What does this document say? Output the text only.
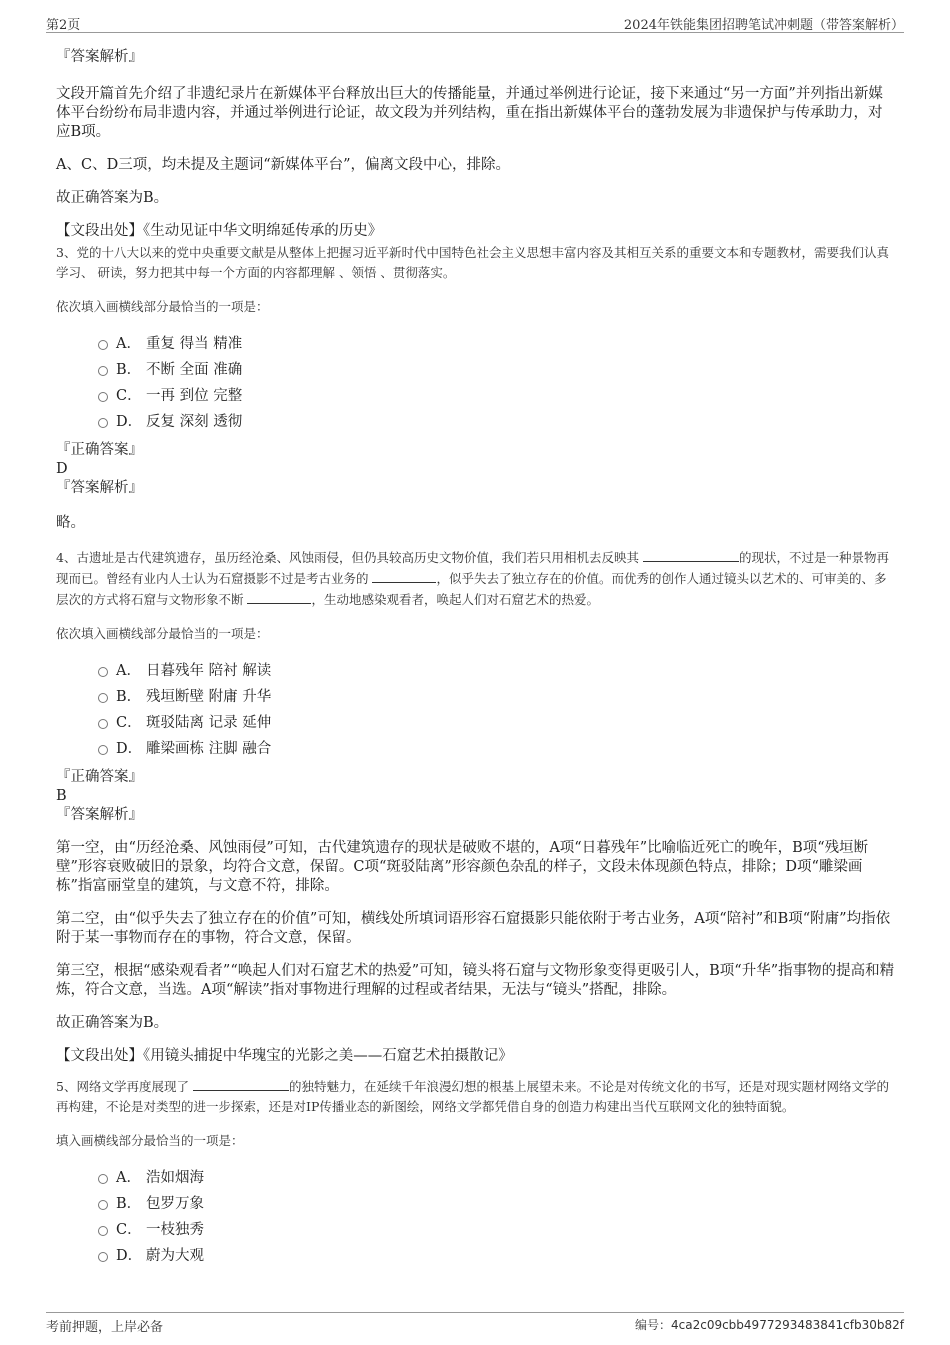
第2页	2024年铁能集团招聘笔试冲刺题（带答案解析）

『答案解析』

文段开篇首先介绍了非遗纪录片在新媒体平台释放出巨大的传播能量，并通过举例进行论证，接下来通过“另一方面”并列指出新媒体平台纷纷布局非遗内容，并通过举例进行论证，故文段为并列结构，重在指出新媒体平台的蓬勃发展为非遗保护与传承助力，对应B项。

A、C、D三项，均未提及主题词“新媒体平台”，偏离文段中心，排除。

故正确答案为B。

【文段出处】《生动见证中华文明绵延传承的历史》

3、党的十八大以来的党中央重要文献是从整体上把握习近平新时代中国特色社会主义思想丰富内容及其相互关系的重要文本和专题教材，需要我们认真学习、 研读，努力把其中每一个方面的内容都理解 、领悟 、贯彻落实。

依次填入画横线部分最恰当的一项是：

A． 重复 得当 精准
B． 不断 全面 准确
C． 一再 到位 完整
D． 反复 深刻 透彻

『正确答案』

D

『答案解析』

略。

4、古遗址是古代建筑遗存，虽历经沧桑、风蚀雨侵，但仍具较高历史文物价值，我们若只用相机去反映其	的现状，不过是一种景物再现而已。曾经有业内人士认为石窟摄影不过是考古业务的	，似乎失去了独立存在的价值。而优秀的创作人通过镜头以艺术的、可审美的、多层次的方式将石窟与文物形象不断	，生动地感染观看者，唤起人们对石窟艺术的热爱。

依次填入画横线部分最恰当的一项是：

A． 日暮残年 陪衬 解读
B． 残垣断壁 附庸 升华
C． 斑驳陆离 记录 延伸
D． 雕梁画栋 注脚 融合

『正确答案』

B

『答案解析』

第一空，由“历经沧桑、风蚀雨侵”可知，古代建筑遗存的现状是破败不堪的，A项“日暮残年”比喻临近死亡的晚年，B项“残垣断壁”形容衰败破旧的景象，均符合文意，保留。C项“斑驳陆离”形容颜色杂乱的样子，文段未体现颜色特点，排除；D项“雕梁画栋”指富丽堂皇的建筑，与文意不符，排除。

第二空，由“似乎失去了独立存在的价值”可知，横线处所填词语形容石窟摄影只能依附于考古业务，A项“陪衬”和B项“附庸”均指依附于某一事物而存在的事物，符合文意，保留。

第三空，根据“感染观看者”“唤起人们对石窟艺术的热爱”可知，镜头将石窟与文物形象变得更吸引人，B项“升华”指事物的提高和精炼，符合文意，当选。A项“解读”指对事物进行理解的过程或者结果，无法与“镜头”搭配，排除。

故正确答案为B。

【文段出处】《用镜头捕捉中华瑰宝的光影之美——石窟艺术拍摄散记》

5、网络文学再度展现了	的独特魅力，在延续千年浪漫幻想的根基上展望未来。不论是对传统文化的书写，还是对现实题材网络文学的再构建，不论是对类型的进一步探索，还是对IP传播业态的新图绘，网络文学都凭借自身的创造力构建出当代互联网文化的独特面貌。

填入画横线部分最恰当的一项是：

A． 浩如烟海
B． 包罗万象
C． 一枝独秀
D． 蔚为大观
考前押题，上岸必备	编号：4ca2c09cbb4977293483841cfb30b82f
